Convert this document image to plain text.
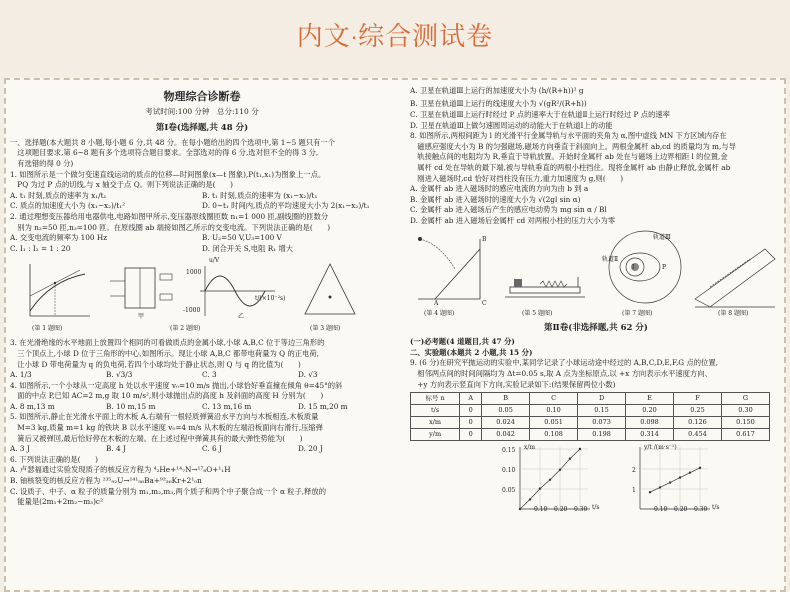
内文·综合测试卷
物理综合诊断卷
考试时间:100 分钟　总分:110 分
第Ⅰ卷(选择题,共 48 分)

一、选择题(本大题共 8 小题,每小题 6 分,共 48 分。在每小题给出的四个选项中,第 1~5 题只有一个

　这项题目要求,第 6~8 题有多个选项符合题目要求。全部选对的得 6 分,选对但不全的得 3 分,

　有选错的得 0 分)

1. 如图所示是一个做匀变速直线运动的质点的位移—时间图象(x—t 图象),P(t₁,x₁)为图象上一点。

　PQ 为过 P 点的切线,与 x 轴交于点 Q。则下列说法正确的是(　　)

A. t₁ 时刻,质点的速率为 x₁/t₁	B. t₁ 时刻,质点的速率为 (x₁−x₂)/t₁
C. 质点的加速度大小为 (x₁−x₂)/t₁²	D. 0~t₁ 时间内,质点的平均速度大小为 2(x₁−x₂)/t₁

2. 通过理想变压器给用电器供电,电路如图甲所示,变压器原线圈匝数 n₁=1 000 匝,副线圈的匝数分

　别为 n₂=50 匝,n₃=100 匝。在原线圈 ab 端接如图乙所示的交变电流。下列说法正确的是(　　)

A. 交变电流的频率为 100 Hz	B. U₂=50 V,U₃=100 V
C. I₁ : I₂ = 1 : 20	D. 闭合开关 S,电阻 R₁ 增大
(第 1 题图)	(第 2 题图)	(第 3 题图)
甲	乙
u/V
1000
-1000
t/(×10⁻²s)

3. 在光滑绝缘的水平地面上放置四个相同的可看做质点的金属小球,小球 A,B,C 位于等边三角形的

　三个顶点上,小球 D 位于三角形的中心,如图所示。现让小球 A,B,C 都带电荷量为 Q 的正电荷,

　让小球 D 带电荷量为 q 的负电荷,若四个小球均处于静止状态,则 Q 与 q 的比值为(　　)

A. 1/3	B. √3/3	C. 3	D. √3

4. 如图所示,一个小球从一定高度 h 处以水平速度 v₀=10 m/s 抛出,小球恰好垂直撞在倾角 θ=45°的斜

　面的中点 P,已知 AC=2 m,g 取 10 m/s²,则小球抛出点的高度 h 及斜面的高度 H 分别为(　　)

A. 8 m,13 m	B. 10 m,15 m	C. 13 m,16 m	D. 15 m,20 m

5. 如图所示,静止在光滑水平面上的木板 A,右端有一根轻质弹簧沿水平方向与木板相连,木板质量

　M=3 kg,质量 m=1 kg 的铁块 B 以水平速度 v₀=4 m/s 从木板的左端沿板面向右滑行,压缩弹

　簧后又被弹回,最后恰好停在木板的左端。在上述过程中弹簧具有的最大弹性势能为(　　)

A. 3 J	B. 4 J	C. 6 J	D. 20 J

6. 下列说法正确的是(　　)

A. 卢瑟福通过实验发现质子的核反应方程为 ⁴₂He+¹⁴₇N→¹⁷₈O+¹₁H

B. 铀核裂变的核反应方程为 ²³⁵₉₂U→¹⁴¹₅₆Ba+⁹²₃₆Kr+2¹₀n

C. 设质子、中子、α 粒子的质量分别为 m₁,m₂,m₃,两个质子和两个中子聚合成一个 α 粒子,释放的

　能量是(2m₁+2m₂−m₃)c²

A. 卫星在轨道Ⅲ上运行的加速度大小为 (h/(R+h))² g

B. 卫星在轨道Ⅲ上运行的线速度大小为 √(gR²/(R+h))

C. 卫星在轨道Ⅲ上运行时经过 P 点的速率大于在轨道Ⅱ上运行时经过 P 点的速率

D. 卫星在轨道Ⅲ上做匀速圆周运动的动能大于在轨道Ⅰ上的动能

8. 如图所示,两根间距为 l 的光滑平行金属导轨与水平面的夹角为 α,图中虚线 MN 下方区域内存在

　磁感应强度大小为 B 的匀强磁场,磁场方向垂直于斜面向上。两根金属杆 ab,cd 的质量均为 m,与导

　轨接触点间的电阻均为 R,垂直于导轨放置。开始时金属杆 ab 处在与磁场上边界相距 l 的位置,金

　属杆 cd 处在导轨的最下端,被与导轨垂直的两根小柱挡住。现将金属杆 ab 由静止释放,金属杆 ab

　刚进入磁场时,cd 恰好对挡柱没有压力,重力加速度为 g,则(　　)

A. 金属杆 ab 进入磁场时的感应电流的方向为由 b 到 a

B. 金属杆 ab 进入磁场时的速度大小为 √(2gl sin α)

C. 金属杆 ab 进入磁场后产生的感应电动势为 mg sin α / Bl

D. 金属杆 ab 进入磁场后金属杆 cd 对两根小柱的压力大小为零

(第 4 题图)	(第 5 题图)	(第 7 题图)	(第 8 题图)
轨道Ⅲ
轨道Ⅱ
Ⅰ	P
A
B
C
第Ⅱ卷(非选择题,共 62 分)

(一)必考题(4 道题目,共 47 分)

二、实验题(本题共 2 小题,共 15 分)

9. (6 分)在研究平抛运动的实验中,某同学记录了小球运动途中经过的 A,B,C,D,E,F,G 点的位置,

　相邻两点间的时间间隔均为 Δt=0.05 s,取 A 点为坐标原点,以 +x 方向表示水平速度方向、

　+y 方向表示竖直向下方向,实验记录如下:(结果保留两位小数)

标号 n	A	B	C	D	E	F	G
t/s	0	0.05	0.10	0.15	0.20	0.25	0.30
x/m	0	0.024	0.051	0.073	0.098	0.126	0.150
y/m	0	0.042	0.108	0.198	0.314	0.454	0.617
x/m
0.15
0.10
0.05
0.10 0.20 0.30 t/s
y/t /(m·s⁻¹)
2
1
0.10 0.20 0.30 t/s
